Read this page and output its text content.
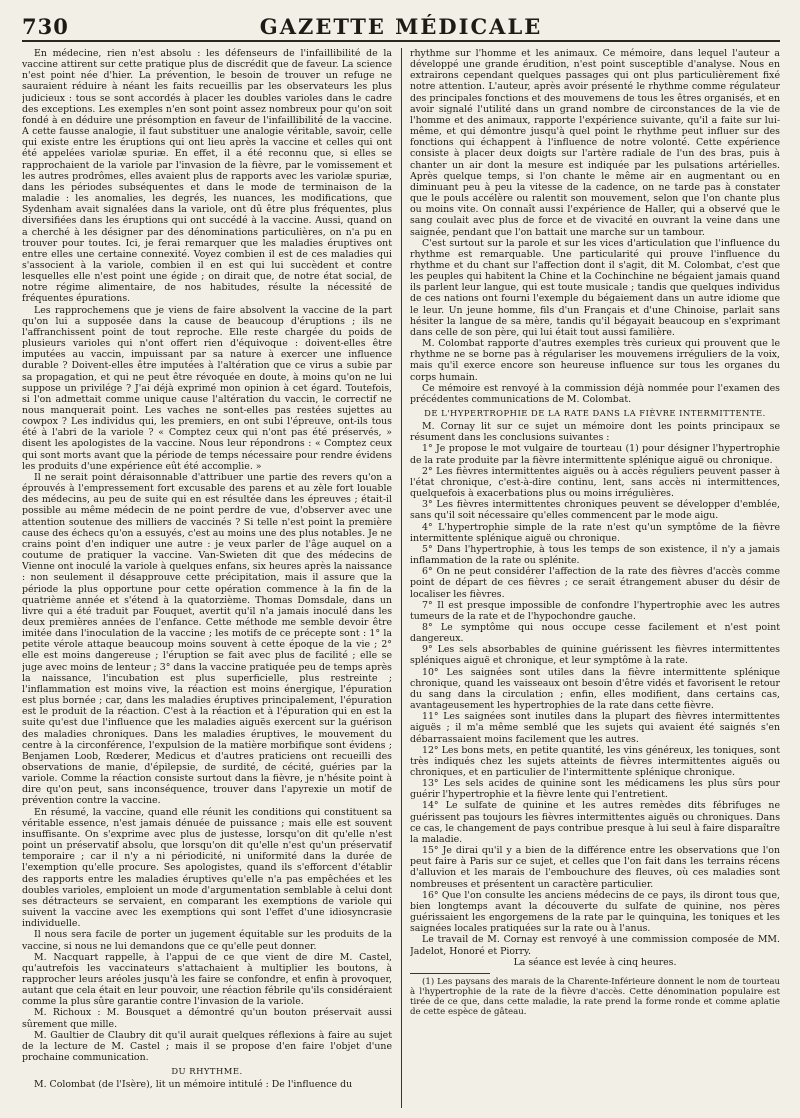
730	GAZETTE MÉDICALE

En médecine, rien n'est absolu : les défenseurs de l'infaillibilité de la vaccine attirent sur cette pratique plus de discrédit que de faveur. La science n'est point née d'hier. La prévention, le besoin de trouver un refuge ne sauraient réduire à néant les faits recueillis par les observateurs les plus judicieux : tous se sont accordés à placer les doubles varioles dans le cadre des exceptions. Les exemples n'en sont point assez nombreux pour qu'on soit fondé à en déduire une présomption en faveur de l'infaillibilité de la vaccine. A cette fausse analogie, il faut substituer une analogie véritable, savoir, celle qui existe entre les éruptions qui ont lieu après la vaccine et celles qui ont été appelées variolæ spuriæ. En effet, il a été reconnu que, si elles se rapprochaient de la variole par l'invasion de la fièvre, par le vomissement et les autres prodrômes, elles avaient plus de rapports avec les variolæ spuriæ, dans les périodes subséquentes et dans le mode de terminaison de la maladie : les anomalies, les degrés, les nuances, les modifications, que Sydenham avait signalées dans la variole, ont dû être plus fréquentes, plus diversifiées dans les éruptions qui ont succédé à la vaccine. Aussi, quand on a cherché à les désigner par des dénominations particulières, on n'a pu en trouver pour toutes. Ici, je ferai remarquer que les maladies éruptives ont entre elles une certaine connexité. Voyez combien il est de ces maladies qui s'associent à la variole, combien il en est qui lui succèdent et contre lesquelles elle n'est point une égide ; on dirait que, de notre état social, de notre régime alimentaire, de nos habitudes, résulte la nécessité de fréquentes épurations.

Les rapprochemens que je viens de faire absolvent la vaccine de la part qu'on lui a supposée dans la cause de beaucoup d'éruptions ; ils ne l'affranchissent point de tout reproche. Elle reste chargée du poids de plusieurs varioles qui n'ont offert rien d'équivoque : doivent-elles être imputées au vaccin, impuissant par sa nature à exercer une influence durable ? Doivent-elles être imputées à l'altération que ce virus a subie par sa propagation, et qui ne peut être révoquée en doute, à moins qu'on ne lui suppose un privilége ? J'ai déjà exprimé mon opinion à cet égard. Toutefois, si l'on admettait comme unique cause l'altération du vaccin, le correctif ne nous manquerait point. Les vaches ne sont-elles pas restées sujettes au cowpox ? Les individus qui, les premiers, en ont subi l'épreuve, ont-ils tous été à l'abri de la variole ? « Comptez ceux qui n'ont pas été préservés, » disent les apologistes de la vaccine. Nous leur répondrons : « Comptez ceux qui sont morts avant que la période de temps nécessaire pour rendre évidens les produits d'une expérience eût été accomplie. »

Il ne serait point déraisonnable d'attribuer une partie des revers qu'on a éprouvés à l'empressement fort excusable des parens et au zèle fort louable des médecins, au peu de suite qui en est résultée dans les épreuves ; était-il possible au même médecin de ne point perdre de vue, d'observer avec une attention soutenue des milliers de vaccinés ? Si telle n'est point la première cause des échecs qu'on a essuyés, c'est au moins une des plus notables. Je ne crains point d'en indiquer une autre : je veux parler de l'âge auquel on a coutume de pratiquer la vaccine. Van-Swieten dit que des médecins de Vienne ont inoculé la variole à quelques enfans, six heures après la naissance : non seulement il désapprouve cette précipitation, mais il assure que la période la plus opportune pour cette opération commence à la fin de la quatrième année et s'étend à la quatorzième. Thomas Domsdale, dans un livre qui a été traduit par Fouquet, avertit qu'il n'a jamais inoculé dans les deux premières années de l'enfance. Cette méthode me semble devoir être imitée dans l'inoculation de la vaccine ; les motifs de ce précepte sont : 1° la petite vérole attaque beaucoup moins souvent à cette époque de la vie ; 2° elle est moins dangereuse ; l'éruption se fait avec plus de facilité ; elle se juge avec moins de lenteur ; 3° dans la vaccine pratiquée peu de temps après la naissance, l'incubation est plus superficielle, plus restreinte ; l'inflammation est moins vive, la réaction est moins énergique, l'épuration est plus bornée ; car, dans les maladies éruptives principalement, l'épuration est le produit de la réaction. C'est à la réaction et à l'épuration qui en est la suite qu'est due l'influence que les maladies aiguës exercent sur la guérison des maladies chroniques. Dans les maladies éruptives, le mouvement du centre à la circonférence, l'expulsion de la matière morbifique sont évidens ; Benjamen Loob, Rœderer, Medicus et d'autres praticiens ont recueilli des observations de manie, d'épilepsie, de surdité, de cécité, guéries par la variole. Comme la réaction consiste surtout dans la fièvre, je n'hésite point à dire qu'on peut, sans inconséquence, trouver dans l'apyrexie un motif de prévention contre la vaccine.

En résumé, la vaccine, quand elle réunit les conditions qui constituent sa véritable essence, n'est jamais dénuée de puissance ; mais elle est souvent insuffisante. On s'exprime avec plus de justesse, lorsqu'on dit qu'elle n'est point un préservatif absolu, que lorsqu'on dit qu'elle n'est qu'un préservatif temporaire ; car il n'y a ni périodicité, ni uniformité dans la durée de l'exemption qu'elle procure. Ses apologistes, quand ils s'efforcent d'établir des rapports entre les maladies éruptives qu'elle n'a pas empêchées et les doubles varioles, emploient un mode d'argumentation semblable à celui dont ses détracteurs se servaient, en comparant les exemptions de variole qui suivent la vaccine avec les exemptions qui sont l'effet d'une idiosyncrasie individuelle.

Il nous sera facile de porter un jugement équitable sur les produits de la vaccine, si nous ne lui demandons que ce qu'elle peut donner.

M. Nacquart rappelle, à l'appui de ce que vient de dire M. Castel, qu'autrefois les vaccinateurs s'attachaient à multiplier les boutons, à rapprocher leurs aréoles jusqu'à les faire se confondre, et enfin à provoquer, autant que cela était en leur pouvoir, une réaction fébrile qu'ils considéraient comme la plus sûre garantie contre l'invasion de la variole.

M. Richoux : M. Bousquet a démontré qu'un bouton préservait aussi sûrement que mille.

M. Gaultier de Claubry dit qu'il aurait quelques réflexions à faire au sujet de la lecture de M. Castel ; mais il se propose d'en faire l'objet d'une prochaine communication.

DU RHYTHME.

M. Colombat (de l'Isère), lit un mémoire intitulé : De l'influence du

rhythme sur l'homme et les animaux. Ce mémoire, dans lequel l'auteur a développé une grande érudition, n'est point susceptible d'analyse. Nous en extrairons cependant quelques passages qui ont plus particulièrement fixé notre attention. L'auteur, après avoir présenté le rhythme comme régulateur des principales fonctions et des mouvemens de tous les êtres organisés, et en avoir signalé l'utilité dans un grand nombre de circonstances de la vie de l'homme et des animaux, rapporte l'expérience suivante, qu'il a faite sur lui-même, et qui démontre jusqu'à quel point le rhythme peut influer sur des fonctions qui échappent à l'influence de notre volonté. Cette expérience consiste à placer deux doigts sur l'artère radiale de l'un des bras, puis à chanter un air dont la mesure est indiquée par les pulsations artérielles. Après quelque temps, si l'on chante le même air en augmentant ou en diminuant peu à peu la vitesse de la cadence, on ne tarde pas à constater que le pouls accélère ou ralentit son mouvement, selon que l'on chante plus ou moins vite. On connaît aussi l'expérience de Haller, qui a observé que le sang coulait avec plus de force et de vivacité en ouvrant la veine dans une saignée, pendant que l'on battait une marche sur un tambour.

C'est surtout sur la parole et sur les vices d'articulation que l'influence du rhythme est remarquable. Une particularité qui prouve l'influence du rhythme et du chant sur l'affection dont il s'agit, dit M. Colombat, c'est que les peuples qui habitent la Chine et la Cochinchine ne bégaient jamais quand ils parlent leur langue, qui est toute musicale ; tandis que quelques individus de ces nations ont fourni l'exemple du bégaiement dans un autre idiome que le leur. Un jeune homme, fils d'un Français et d'une Chinoise, parlait sans hésiter la langue de sa mère, tandis qu'il bégayait beaucoup en s'exprimant dans celle de son père, qui lui était tout aussi familière.

M. Colombat rapporte d'autres exemples très curieux qui prouvent que le rhythme ne se borne pas à régulariser les mouvemens irréguliers de la voix, mais qu'il exerce encore son heureuse influence sur tous les organes du corps humain.

Ce mémoire est renvoyé à la commission déjà nommée pour l'examen des précédentes communications de M. Colombat.

DE L'HYPERTROPHIE DE LA RATE DANS LA FIÈVRE INTERMITTENTE.

M. Cornay lit sur ce sujet un mémoire dont les points principaux se résument dans les conclusions suivantes :

1° Je propose le mot vulgaire de tourteau (1) pour désigner l'hypertrophie de la rate produite par la fièvre intermittente splénique aiguë ou chronique.

2° Les fièvres intermittentes aiguës ou à accès réguliers peuvent passer à l'état chronique, c'est-à-dire continu, lent, sans accès ni intermittences, quelquefois à exacerbations plus ou moins irrégulières.

3° Les fièvres intermittentes chroniques peuvent se développer d'emblée, sans qu'il soit nécessaire qu'elles commencent par le mode aigu.

4° L'hypertrophie simple de la rate n'est qu'un symptôme de la fièvre intermittente splénique aiguë ou chronique.

5° Dans l'hypertrophie, à tous les temps de son existence, il n'y a jamais inflammation de la rate ou splénite.

6° On ne peut considérer l'affection de la rate des fièvres d'accès comme point de départ de ces fièvres ; ce serait étrangement abuser du désir de localiser les fièvres.

7° Il est presque impossible de confondre l'hypertrophie avec les autres tumeurs de la rate et de l'hypochondre gauche.

8° Le symptôme qui nous occupe cesse facilement et n'est point dangereux.

9° Les sels absorbables de quinine guérissent les fièvres intermittentes spléniques aiguë et chronique, et leur symptôme à la rate.

10° Les saignées sont utiles dans la fièvre intermittente splénique chronique, quand les vaisseaux ont besoin d'être vidés et favorisent le retour du sang dans la circulation ; enfin, elles modifient, dans certains cas, avantageusement les hypertrophies de la rate dans cette fièvre.

11° Les saignées sont inutiles dans la plupart des fièvres intermittentes aiguës ; il m'a même semblé que les sujets qui avaient été saignés s'en débarrassaient moins facilement que les autres.

12° Les bons mets, en petite quantité, les vins généreux, les toniques, sont très indiqués chez les sujets atteints de fièvres intermittentes aiguës ou chroniques, et en particulier de l'intermittente splénique chronique.

13° Les sels acides de quinine sont les médicamens les plus sûrs pour guérir l'hypertrophie et la fièvre lente qui l'entretient.

14° Le sulfate de quinine et les autres remèdes dits fébrifuges ne guérissent pas toujours les fièvres intermittentes aiguës ou chroniques. Dans ce cas, le changement de pays contribue presque à lui seul à faire disparaître la maladie.

15° Je dirai qu'il y a bien de la différence entre les observations que l'on peut faire à Paris sur ce sujet, et celles que l'on fait dans les terrains récens d'alluvion et les marais de l'embouchure des fleuves, où ces maladies sont nombreuses et présentent un caractère particulier.

16° Que l'on consulte les anciens médecins de ce pays, ils diront tous que, bien longtemps avant la découverte du sulfate de quinine, nos pères guérissaient les engorgemens de la rate par le quinquina, les toniques et les saignées locales pratiquées sur la rate ou à l'anus.

Le travail de M. Cornay est renvoyé à une commission composée de MM. Jadelot, Honoré et Piorry.

La séance est levée à cinq heures.

(1) Les paysans des marais de la Charente-Inférieure donnent le nom de tourteau à l'hypertrophie de la rate de la fièvre d'accès. Cette dénomination populaire est tirée de ce que, dans cette maladie, la rate prend la forme ronde et comme aplatie de cette espèce de gâteau.
